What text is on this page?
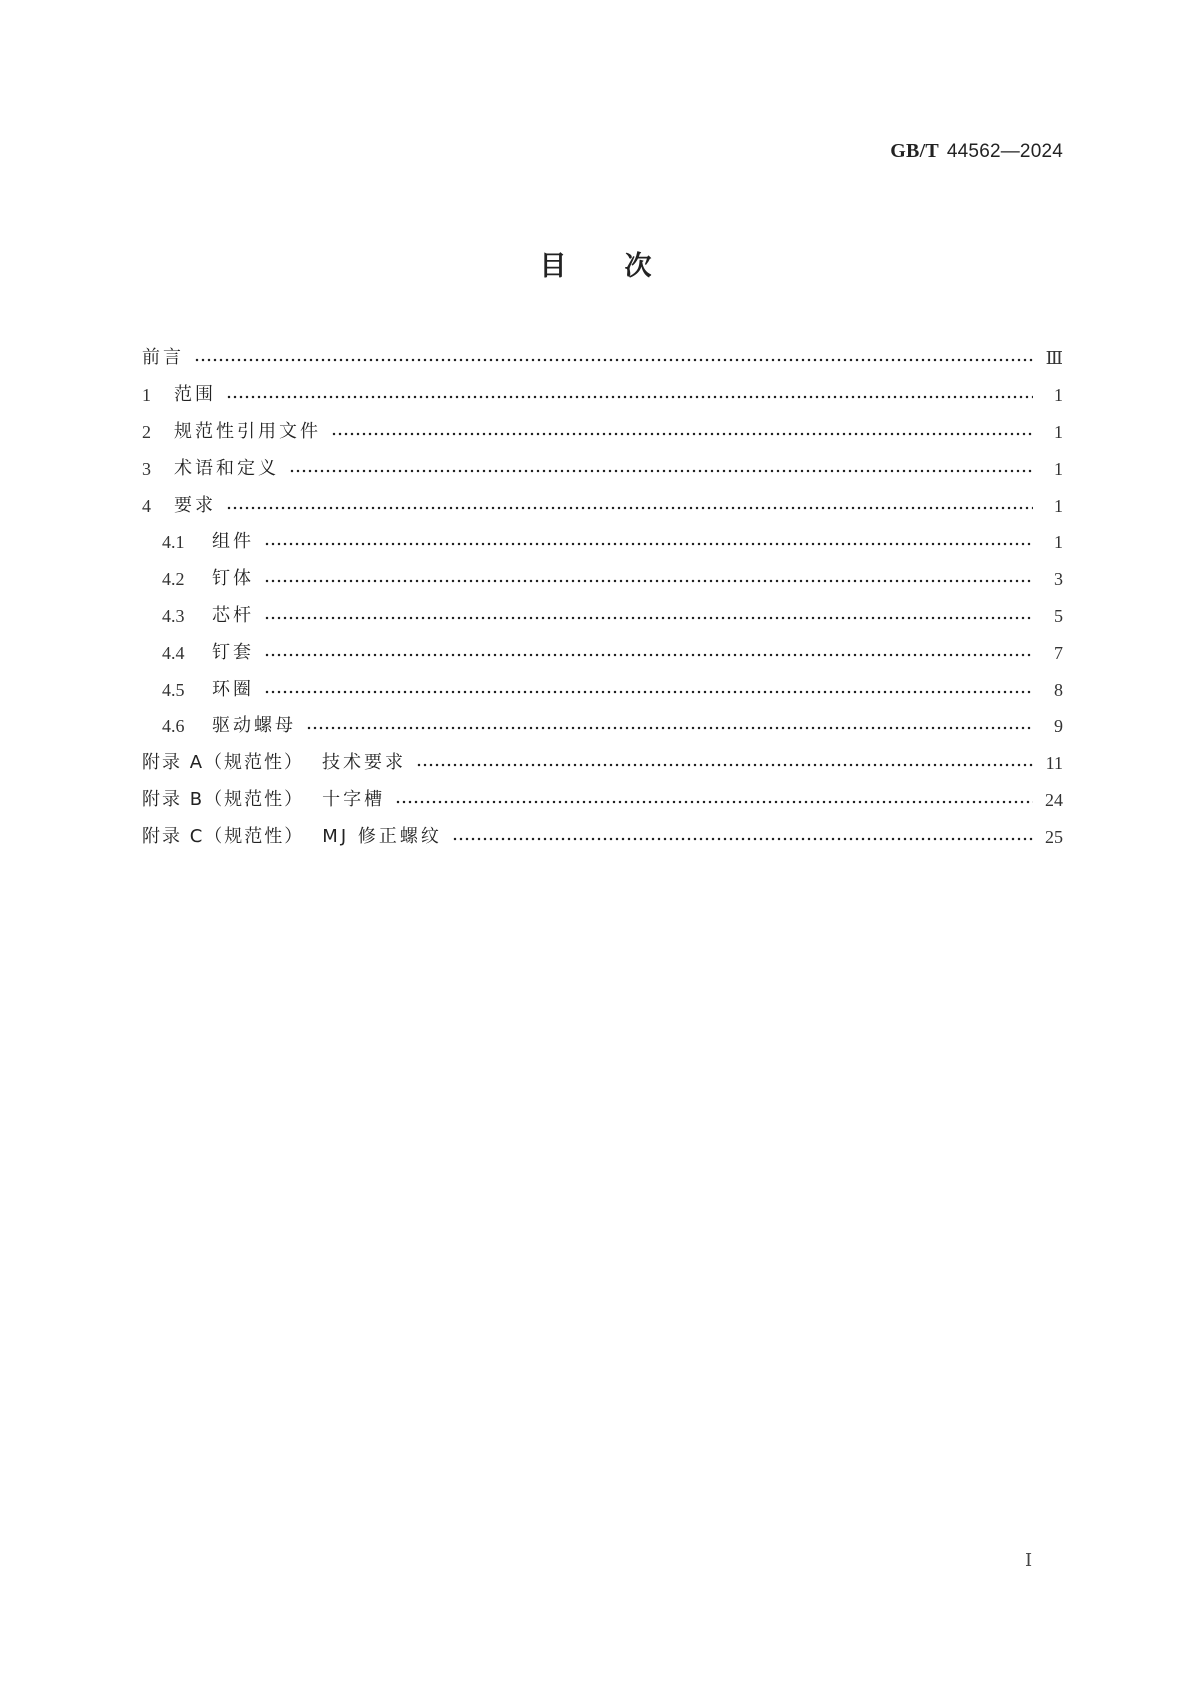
GB/T 44562—2024
目次
前言	Ⅲ
1	范围	1
2	规范性引用文件	1
3	术语和定义	1
4	要求	1
4.1	组件	1
4.2	钉体	3
4.3	芯杆	5
4.4	钉套	7
4.5	环圈	8
4.6	驱动螺母	9
附录 A（规范性） 技术要求	11
附录 B（规范性） 十字槽	24
附录 C（规范性） MJ 修正螺纹	25
Ⅰ
